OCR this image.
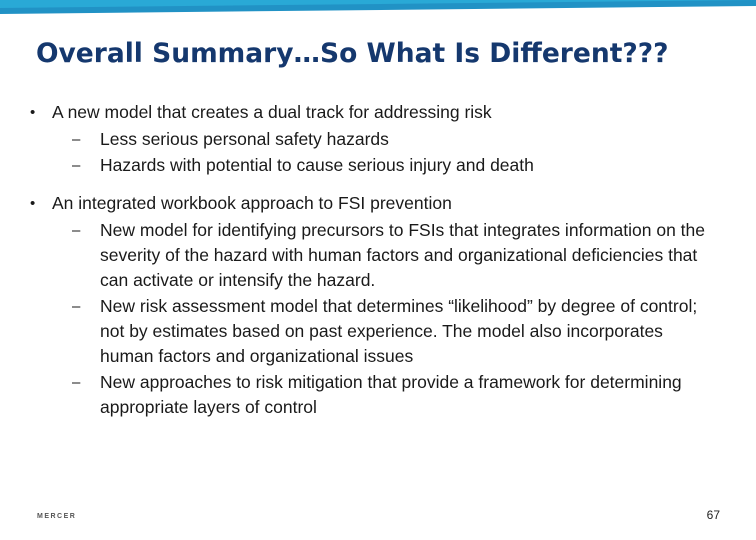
Overall Summary…So What Is Different???
• A new model that creates a dual track for addressing risk
– Less serious personal safety hazards
– Hazards with potential to cause serious injury and death
• An integrated workbook approach to FSI prevention
– New model for identifying precursors to FSIs that integrates information on the severity of the hazard with human factors and organizational deficiencies that can activate or intensify the hazard.
– New risk assessment model that determines “likelihood” by degree of control; not by estimates based on past experience. The model also incorporates human factors and organizational issues
– New approaches to risk mitigation that provide a framework for determining appropriate layers of control
MERCER	67
